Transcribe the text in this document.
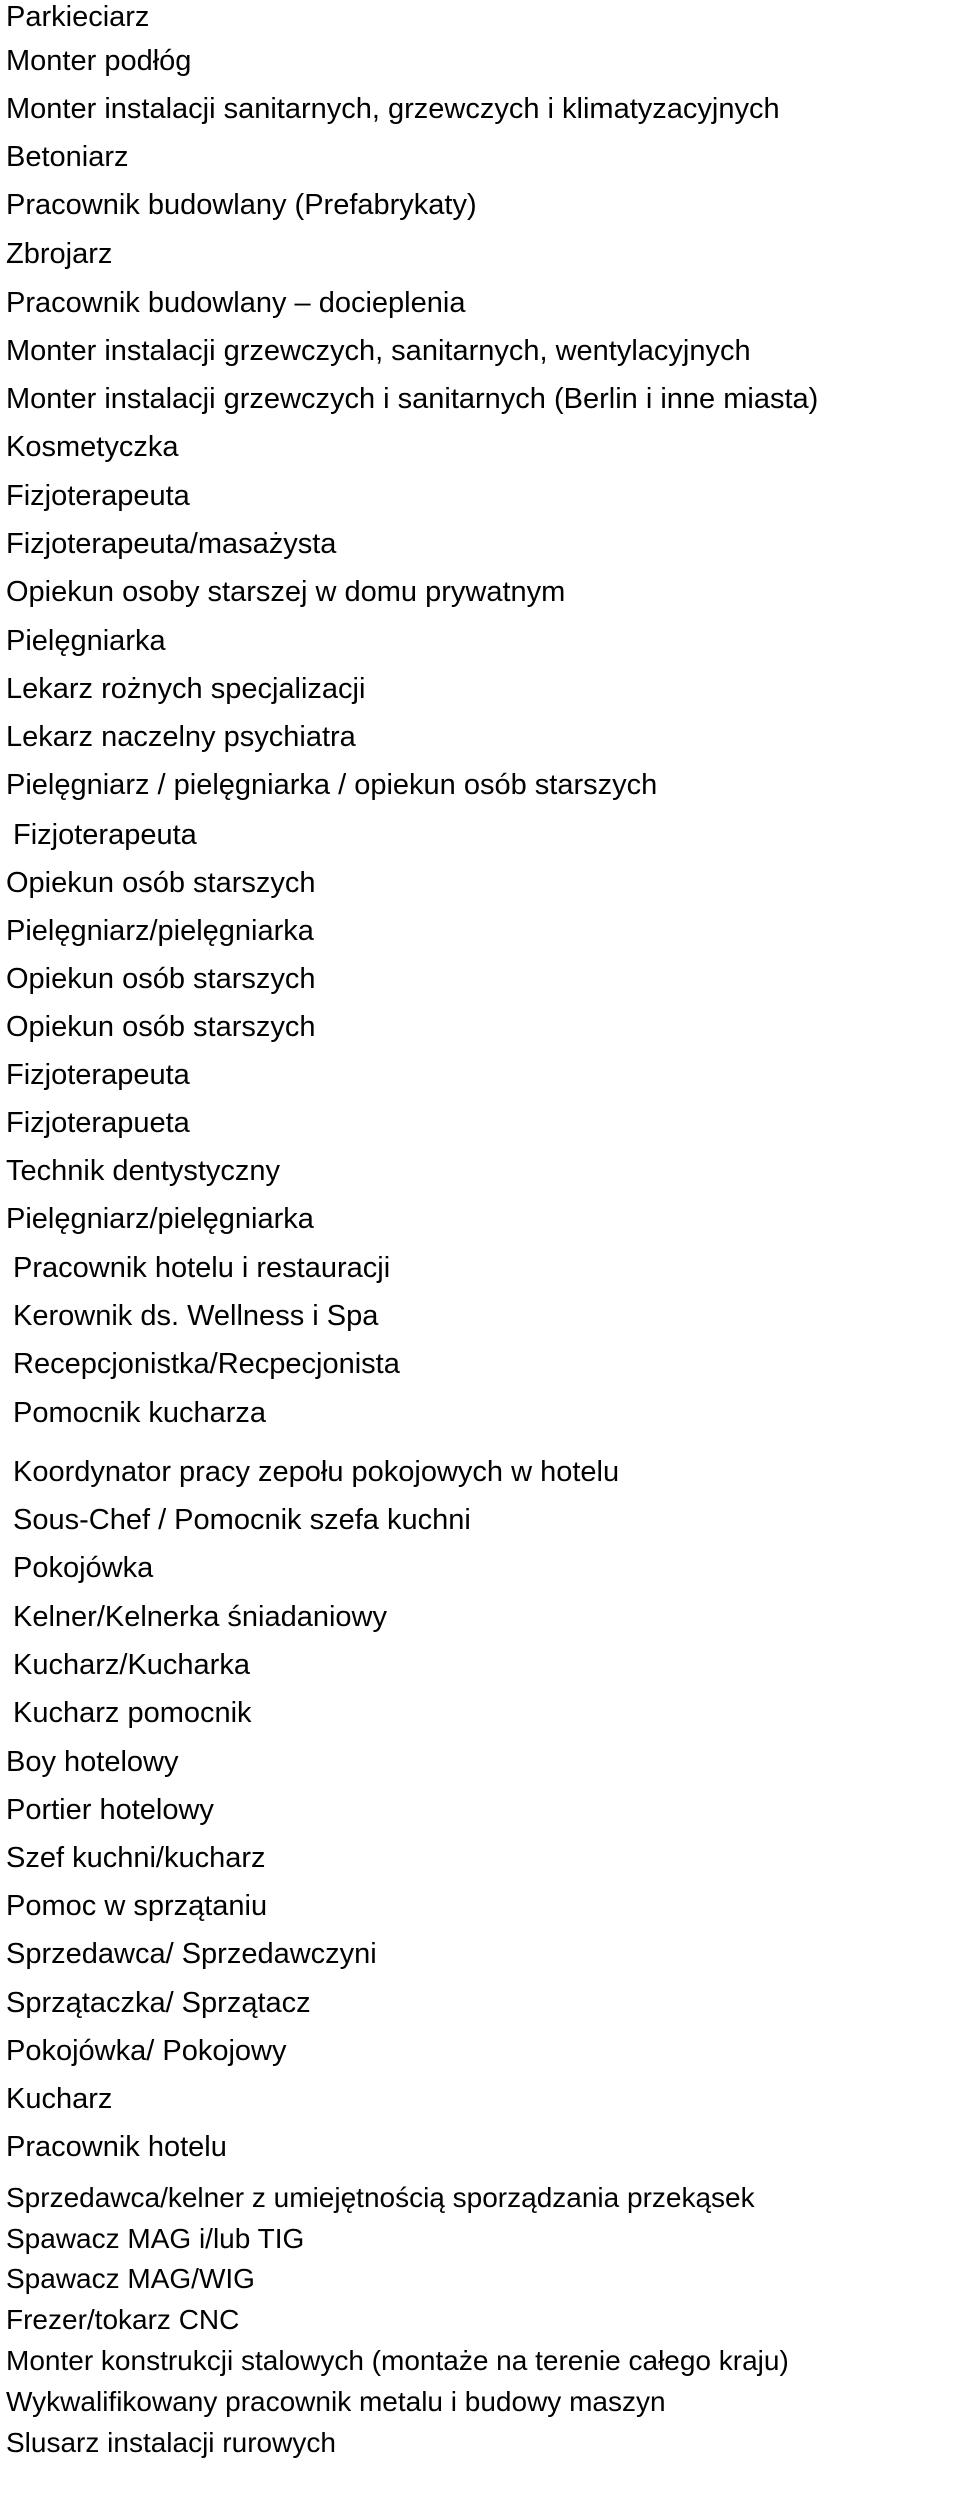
Parkieciarz
Monter podłóg
Monter instalacji sanitarnych, grzewczych i klimatyzacyjnych
Betoniarz
Pracownik budowlany (Prefabrykaty)
Zbrojarz
Pracownik budowlany – docieplenia
Monter instalacji grzewczych, sanitarnych, wentylacyjnych
Monter instalacji grzewczych i sanitarnych (Berlin i inne miasta)
Kosmetyczka
Fizjoterapeuta
Fizjoterapeuta/masażysta
Opiekun osoby starszej w domu prywatnym
Pielęgniarka
Lekarz rożnych specjalizacji
Lekarz naczelny psychiatra
Pielęgniarz / pielęgniarka / opiekun osób starszych
Fizjoterapeuta
Opiekun osób starszych
Pielęgniarz/pielęgniarka
Opiekun osób starszych
Opiekun osób starszych
Fizjoterapeuta
Fizjoterapueta
Technik dentystyczny
Pielęgniarz/pielęgniarka
Pracownik hotelu i restauracji
Kerownik ds. Wellness i Spa
Recepcjonistka/Recpecjonista
Pomocnik kucharza
Koordynator pracy zepołu pokojowych w hotelu
Sous-Chef / Pomocnik szefa kuchni
Pokojówka
Kelner/Kelnerka śniadaniowy
Kucharz/Kucharka
Kucharz pomocnik
Boy hotelowy
Portier hotelowy
Szef kuchni/kucharz
Pomoc w sprzątaniu
Sprzedawca/ Sprzedawczyni
Sprzątaczka/ Sprzątacz
Pokojówka/ Pokojowy
Kucharz
Pracownik hotelu
Sprzedawca/kelner z umiejętnością sporządzania przekąsek
Spawacz MAG i/lub TIG
Spawacz MAG/WIG
Frezer/tokarz CNC
Monter konstrukcji stalowych (montaże na terenie całego kraju)
Wykwalifikowany pracownik metalu i budowy maszyn
Slusarz instalacji rurowych
